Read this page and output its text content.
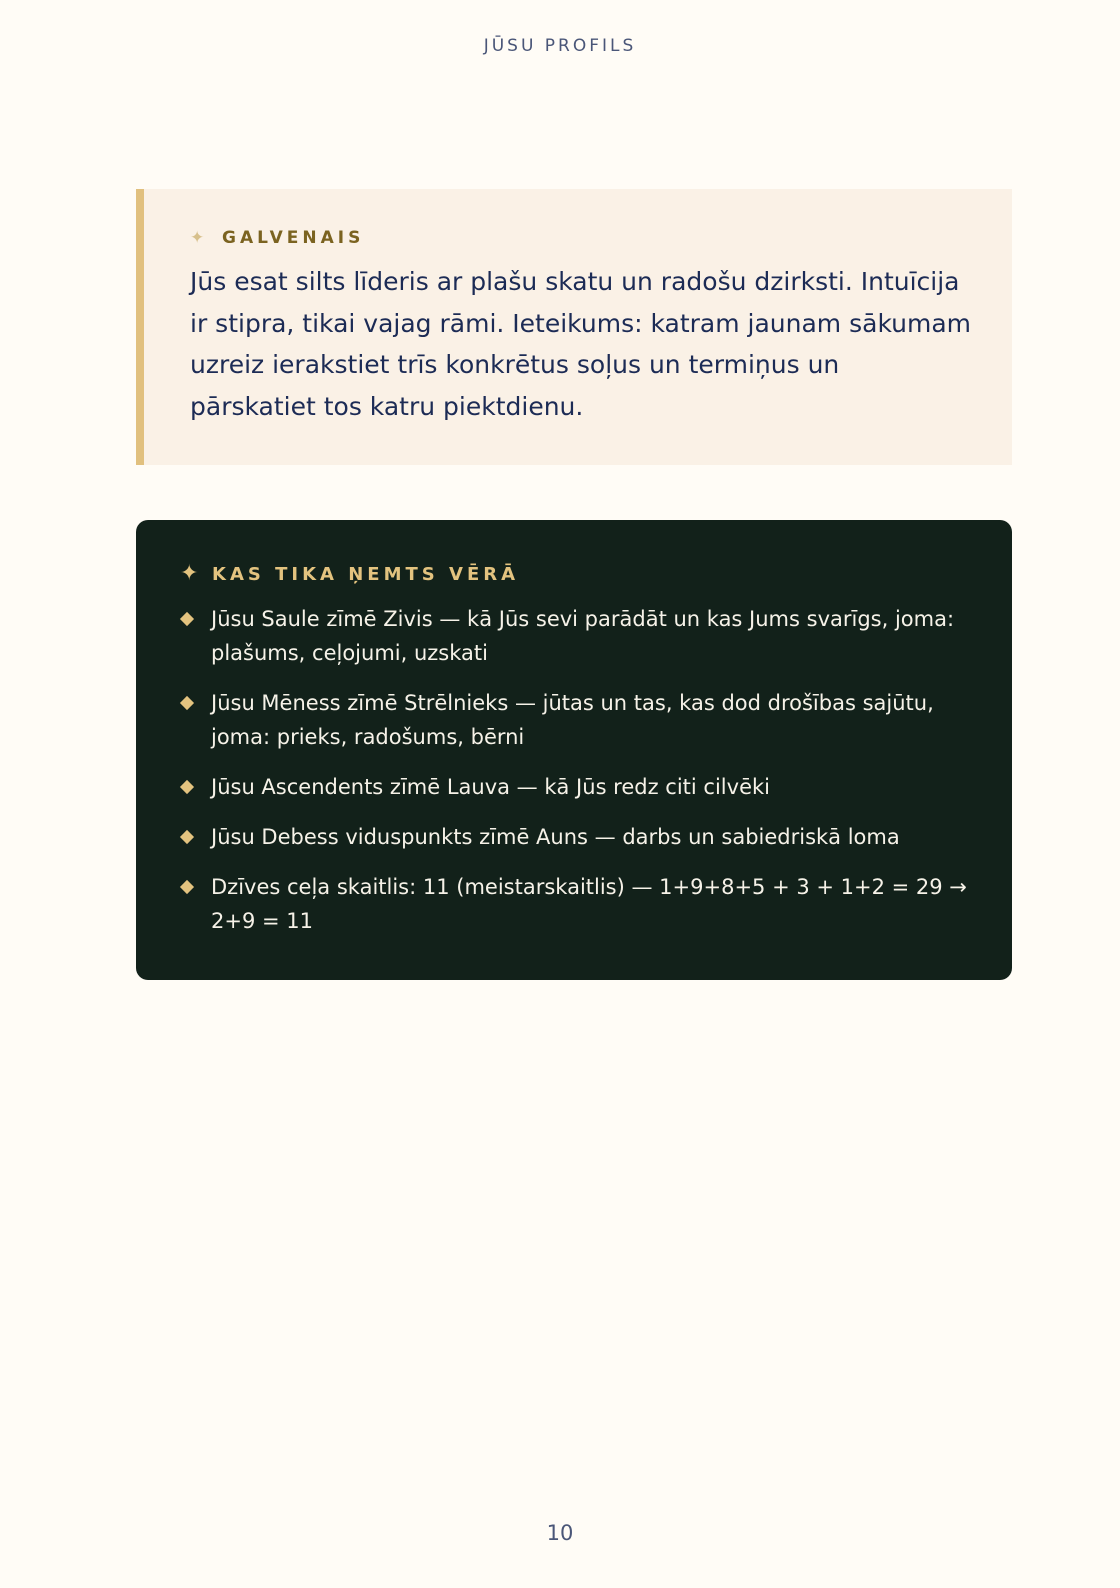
JŪSU PROFILS
✦	GALVENAIS

Jūs esat silts līderis ar plašu skatu un radošu dzirksti. Intuīcija ir stipra, tikai vajag rāmi. Ieteikums: katram jaunam sākumam uzreiz ierakstiet trīs konkrētus soļus un termiņus un pārskatiet tos katru piektdienu.

✦ KAS TIKA ŅEMTS VĒRĀ
Jūsu Saule zīmē Zivis — kā Jūs sevi parādāt un kas Jums svarīgs, joma: plašums, ceļojumi, uzskati
Jūsu Mēness zīmē Strēlnieks — jūtas un tas, kas dod drošības sajūtu, joma: prieks, radošums, bērni
Jūsu Ascendents zīmē Lauva — kā Jūs redz citi cilvēki
Jūsu Debess viduspunkts zīmē Auns — darbs un sabiedriskā loma
Dzīves ceļa skaitlis: 11 (meistarskaitlis) — 1+9+8+5 + 3 + 1+2 = 29 → 2+9 = 11
10
